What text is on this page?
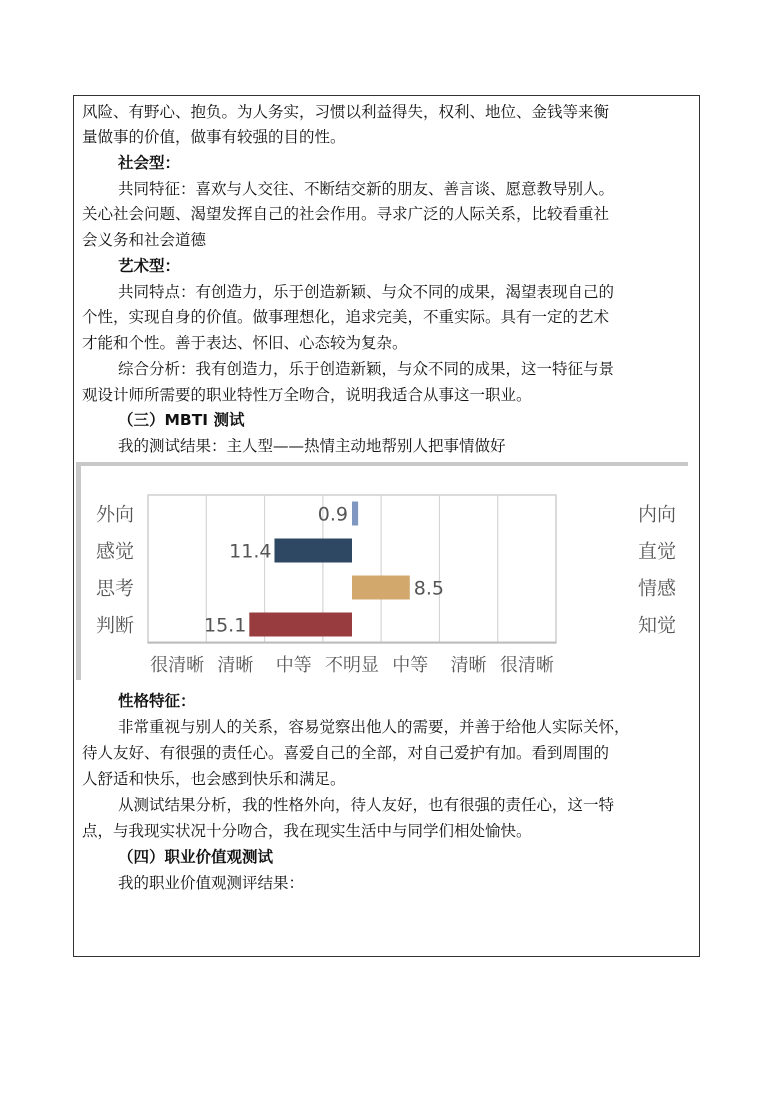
风险、有野心、抱负。为人务实，习惯以利益得失，权利、地位、金钱等来衡
量做事的价值，做事有较强的目的性。
社会型：
共同特征：喜欢与人交往、不断结交新的朋友、善言谈、愿意教导别人。
关心社会问题、渴望发挥自己的社会作用。寻求广泛的人际关系，比较看重社
会义务和社会道德
艺术型：
共同特点：有创造力，乐于创造新颖、与众不同的成果，渴望表现自己的
个性，实现自身的价值。做事理想化，追求完美，不重实际。具有一定的艺术
才能和个性。善于表达、怀旧、心态较为复杂。
综合分析：我有创造力，乐于创造新颖，与众不同的成果，这一特征与景
观设计师所需要的职业特性万全吻合，说明我适合从事这一职业。
（三）MBTI 测试
我的测试结果：主人型——热情主动地帮别人把事情做好
外向	内向
0.9
感觉	直觉
11.4
思考	情感
8.5
判断	知觉
15.1
很清晰 清晰 中等 不明显 中等 清晰 很清晰
性格特征：
非常重视与别人的关系，容易觉察出他人的需要，并善于给他人实际关怀，
待人友好、有很强的责任心。喜爱自己的全部，对自己爱护有加。看到周围的
人舒适和快乐，也会感到快乐和满足。
从测试结果分析，我的性格外向，待人友好，也有很强的责任心，这一特
点，与我现实状况十分吻合，我在现实生活中与同学们相处愉快。
（四）职业价值观测试
我的职业价值观测评结果：
